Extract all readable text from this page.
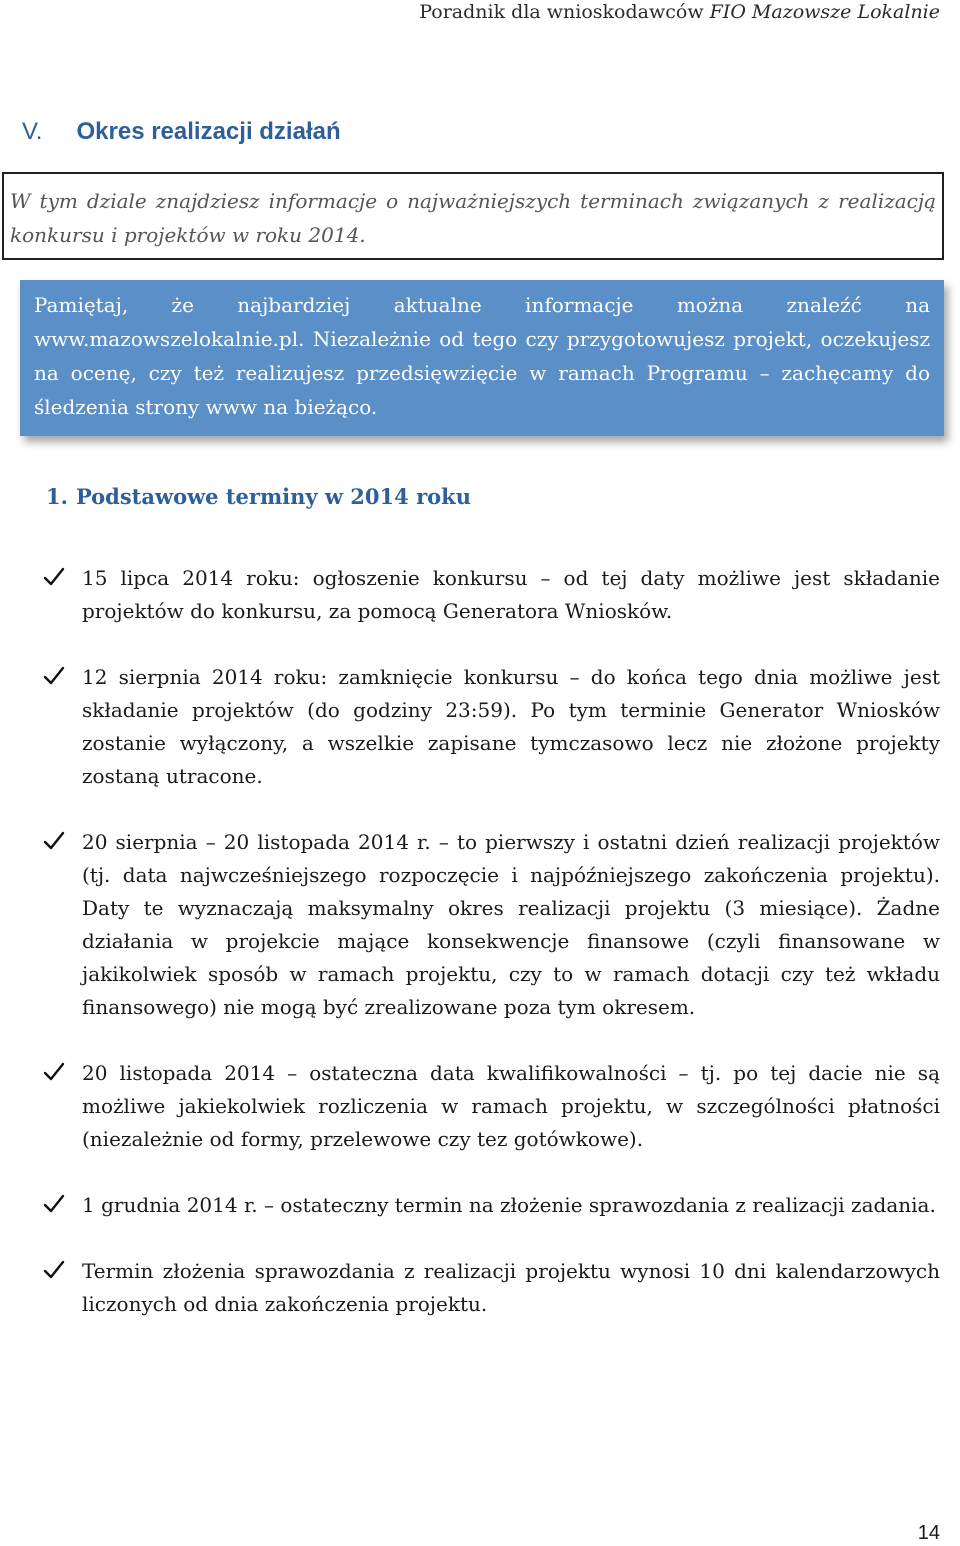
Poradnik dla wnioskodawców FIO Mazowsze Lokalnie
V. Okres realizacji działań
W tym dziale znajdziesz informacje o najważniejszych terminach związanych z realizacją konkursu i projektów w roku 2014.
Pamiętaj, że najbardziej aktualne informacje można znaleźć na www.mazowszelokalnie.pl. Niezależnie od tego czy przygotowujesz projekt, oczekujesz na ocenę, czy też realizujesz przedsięwzięcie w ramach Programu – zachęcamy do śledzenia strony www na bieżąco.
1. Podstawowe terminy w 2014 roku
15 lipca 2014 roku: ogłoszenie konkursu – od tej daty możliwe jest składanie projektów do konkursu, za pomocą Generatora Wniosków.
12 sierpnia 2014 roku: zamknięcie konkursu – do końca tego dnia możliwe jest składanie projektów (do godziny 23:59). Po tym terminie Generator Wniosków zostanie wyłączony, a wszelkie zapisane tymczasowo lecz nie złożone projekty zostaną utracone.
20 sierpnia – 20 listopada 2014 r. – to pierwszy i ostatni dzień realizacji projektów (tj. data najwcześniejszego rozpoczęcie i najpóźniejszego zakończenia projektu). Daty te wyznaczają maksymalny okres realizacji projektu (3 miesiące). Żadne działania w projekcie mające konsekwencje finansowe (czyli finansowane w jakikolwiek sposób w ramach projektu, czy to w ramach dotacji czy też wkładu finansowego) nie mogą być zrealizowane poza tym okresem.
20 listopada 2014 – ostateczna data kwalifikowalności – tj. po tej dacie nie są możliwe jakiekolwiek rozliczenia w ramach projektu, w szczególności płatności (niezależnie od formy, przelewowe czy tez gotówkowe).
1 grudnia 2014 r. – ostateczny termin na złożenie sprawozdania z realizacji zadania.
Termin złożenia sprawozdania z realizacji projektu wynosi 10 dni kalendarzowych liczonych od dnia zakończenia projektu.
14
